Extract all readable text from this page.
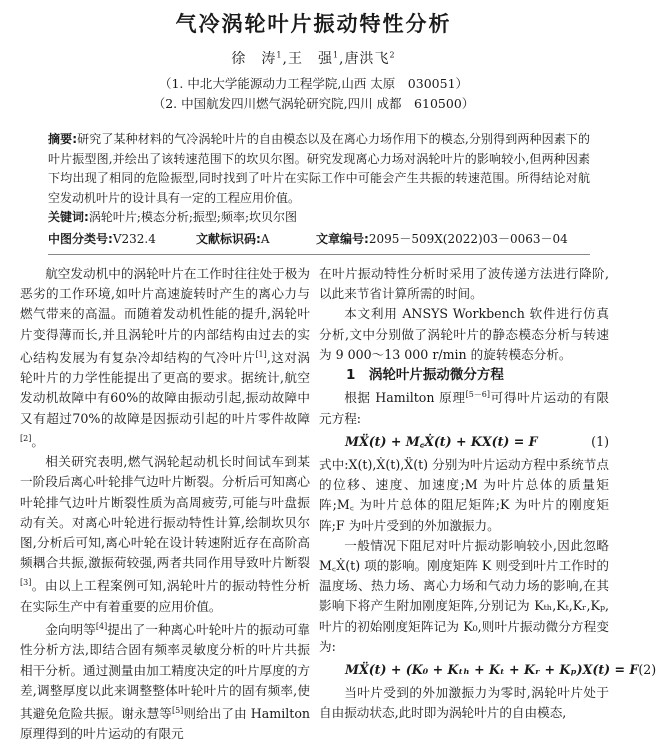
气冷涡轮叶片振动特性分析
徐　涛$^1$,王　强$^1$,唐洪飞$^2$
（1. 中北大学能源动力工程学院,山西 太原　030051）
（2. 中国航发四川燃气涡轮研究院,四川 成都　610500）
摘要:研究了某种材料的气冷涡轮叶片的自由模态以及在离心力场作用下的模态,分别得到两种因素下的叶片振型图,并绘出了该转速范围下的坎贝尔图。研究发现离心力场对涡轮叶片的影响较小,但两种因素下均出现了相同的危险振型,同时找到了叶片在实际工作中可能会产生共振的转速范围。所得结论对航空发动机叶片的设计具有一定的工程应用价值。
关键词:涡轮叶片;模态分析;振型;频率;坎贝尔图
中图分类号:V232.4	文献标识码:A	文章编号:2095－509X(2022)03－0063－04

航空发动机中的涡轮叶片在工作时往往处于极为恶劣的工作环境,如叶片高速旋转时产生的离心力与燃气带来的高温。而随着发动机性能的提升,涡轮叶片变得薄而长,并且涡轮叶片的内部结构由过去的实心结构发展为有复杂冷却结构的气冷叶片[1],这对涡轮叶片的力学性能提出了更高的要求。据统计,航空发动机故障中有60%的故障由振动引起,振动故障中又有超过70%的故障是因振动引起的叶片零件故障[2]。

相关研究表明,燃气涡轮起动机长时间试车到某一阶段后离心叶轮排气边叶片断裂。分析后可知离心叶轮排气边叶片断裂性质为高周疲劳,可能与叶盘振动有关。对离心叶轮进行振动特性计算,绘制坎贝尔图,分析后可知,离心叶轮在设计转速附近存在高阶高频耦合共振,激振荷较强,两者共同作用导致叶片断裂[3]。由以上工程案例可知,涡轮叶片的振动特性分析在实际生产中有着重要的应用价值。

金向明等[4]提出了一种离心叶轮叶片的振动可靠性分析方法,即结合固有频率灵敏度分析的叶片共振相干分析。通过测量由加工精度决定的叶片厚度的方差,调整厚度以此来调整整体叶轮叶片的固有频率,使其避免危险共振。谢永慧等[5]则给出了由 Hamilton 原理得到的叶片运动的有限元

在叶片振动特性分析时采用了波传递方法进行降阶,以此来节省计算所需的时间。

本文利用 ANSYS Workbench 软件进行仿真分析,文中分别做了涡轮叶片的静态模态分析与转速为 9 000～13 000 r/min 的旋转模态分析。

1　涡轮叶片振动微分方程

根据 Hamilton 原理[5－6]可得叶片运动的有限元方程:

MẌ(t) + M꜀Ẋ(t) + KX(t) = F	(1)

式中:X(t),Ẋ(t),Ẍ(t) 分别为叶片运动方程中系统节点的位移、速度、加速度;M 为叶片总体的质量矩阵;M꜀ 为叶片总体的阻尼矩阵;K 为叶片的刚度矩阵;F 为叶片受到的外加激振力。

一般情况下阻尼对叶片振动影响较小,因此忽略 M꜀Ẋ(t) 项的影响。刚度矩阵 K 则受到叶片工作时的温度场、热力场、离心力场和气动力场的影响,在其影响下将产生附加刚度矩阵,分别记为 Kₜₕ,Kₜ,Kᵣ,Kₚ,叶片的初始刚度矩阵记为 K₀,则叶片振动微分方程变为:

MẌ(t) + (K₀ + Kₜₕ + Kₜ + Kᵣ + Kₚ)X(t) = F (2)

当叶片受到的外加激振力为零时,涡轮叶片处于自由振动状态,此时即为涡轮叶片的自由模态,
